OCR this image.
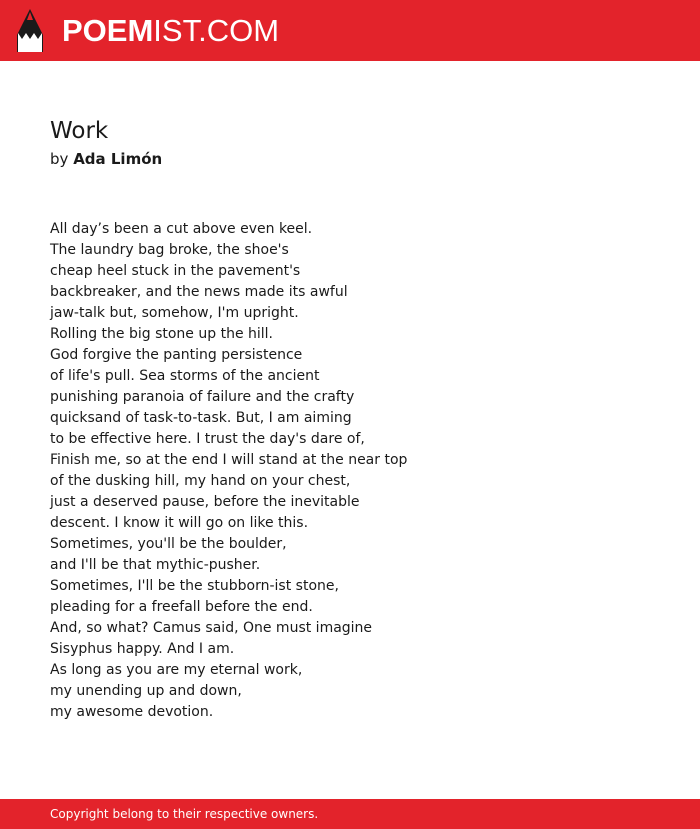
POEMIST.COM
Work
by Ada Limón
All day’s been a cut above even keel.
The laundry bag broke, the shoe's
cheap heel stuck in the pavement's
backbreaker, and the news made its awful
jaw-talk but, somehow, I'm upright.
Rolling the big stone up the hill.
God forgive the panting persistence
of life's pull. Sea storms of the ancient
punishing paranoia of failure and the crafty
quicksand of task-to-task. But, I am aiming
to be effective here. I trust the day's dare of,
Finish me, so at the end I will stand at the near top
of the dusking hill, my hand on your chest,
just a deserved pause, before the inevitable
descent. I know it will go on like this.
Sometimes, you'll be the boulder,
and I'll be that mythic-pusher.
Sometimes, I'll be the stubborn-ist stone,
pleading for a freefall before the end.
And, so what? Camus said, One must imagine
Sisyphus happy. And I am.
As long as you are my eternal work,
my unending up and down,
my awesome devotion.
Copyright belong to their respective owners.
